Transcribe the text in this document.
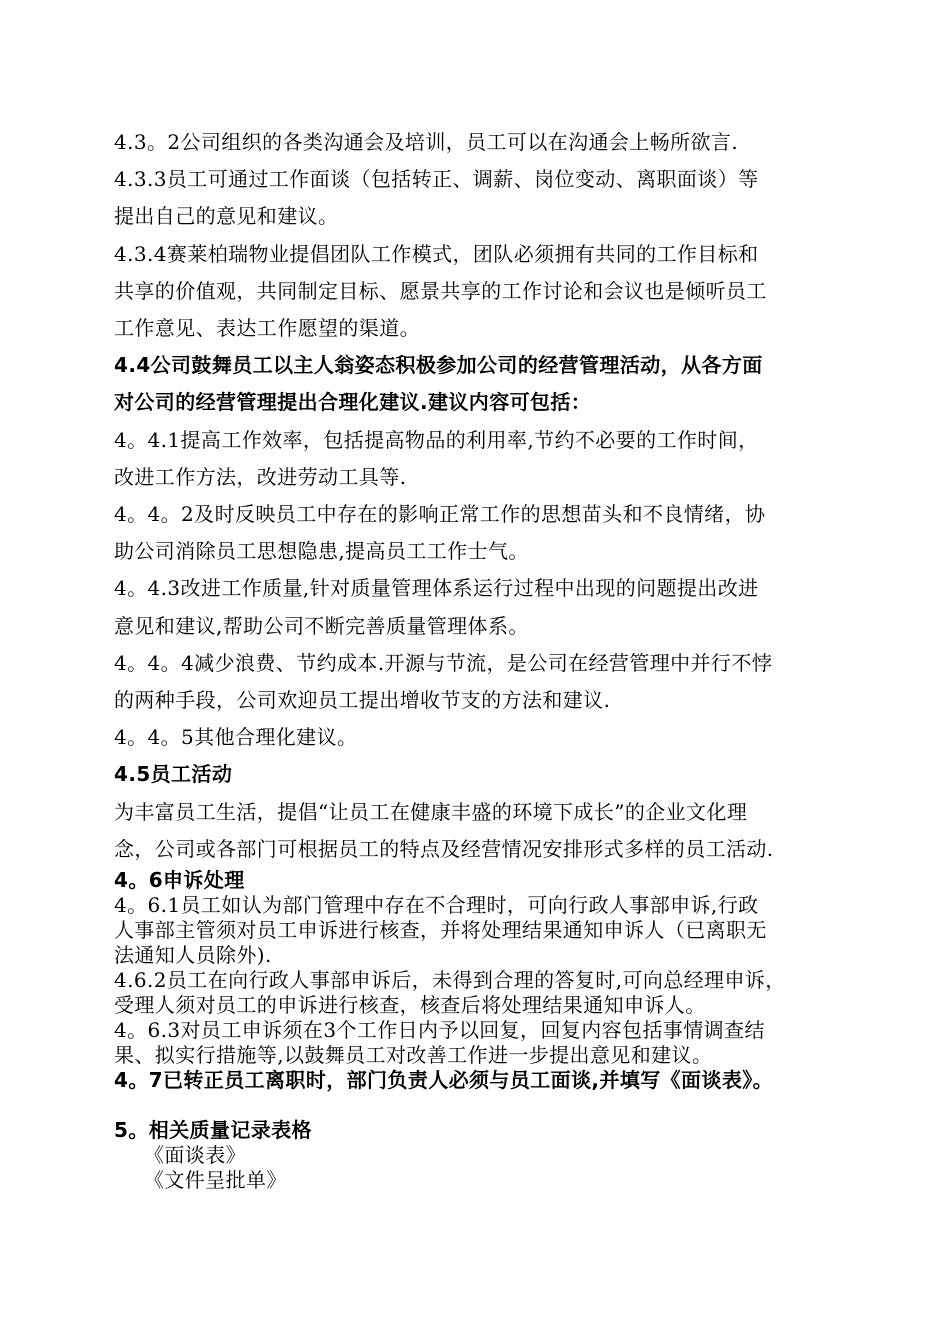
4.3。2公司组织的各类沟通会及培训，员工可以在沟通会上畅所欲言.

4.3.3员工可通过工作面谈（包括转正、调薪、岗位变动、离职面谈）等

提出自己的意见和建议。

4.3.4赛莱柏瑞物业提倡团队工作模式，团队必须拥有共同的工作目标和

共享的价值观，共同制定目标、愿景共享的工作讨论和会议也是倾听员工

工作意见、表达工作愿望的渠道。

4.4公司鼓舞员工以主人翁姿态积极参加公司的经营管理活动，从各方面

对公司的经营管理提出合理化建议.建议内容可包括：

4。4.1提高工作效率，包括提高物品的利用率,节约不必要的工作时间，

改进工作方法，改进劳动工具等.

4。4。2及时反映员工中存在的影响正常工作的思想苗头和不良情绪，协

助公司消除员工思想隐患,提高员工工作士气。

4。4.3改进工作质量,针对质量管理体系运行过程中出现的问题提出改进

意见和建议,帮助公司不断完善质量管理体系。

4。4。4减少浪费、节约成本.开源与节流，是公司在经营管理中并行不悖

的两种手段，公司欢迎员工提出增收节支的方法和建议.

4。4。5其他合理化建议。

4.5员工活动

为丰富员工生活，提倡“让员工在健康丰盛的环境下成长”的企业文化理

念，公司或各部门可根据员工的特点及经营情况安排形式多样的员工活动.

4。6申诉处理

4。6.1员工如认为部门管理中存在不合理时，可向行政人事部申诉,行政

人事部主管须对员工申诉进行核查，并将处理结果通知申诉人（已离职无

法通知人员除外).

4.6.2员工在向行政人事部申诉后，未得到合理的答复时,可向总经理申诉，

受理人须对员工的申诉进行核查，核查后将处理结果通知申诉人。

4。6.3对员工申诉须在3个工作日内予以回复，回复内容包括事情调查结

果、拟实行措施等,以鼓舞员工对改善工作进一步提出意见和建议。

4。7已转正员工离职时，部门负责人必须与员工面谈,并填写《面谈表》。

5。相关质量记录表格

《面谈表》

《文件呈批单》
